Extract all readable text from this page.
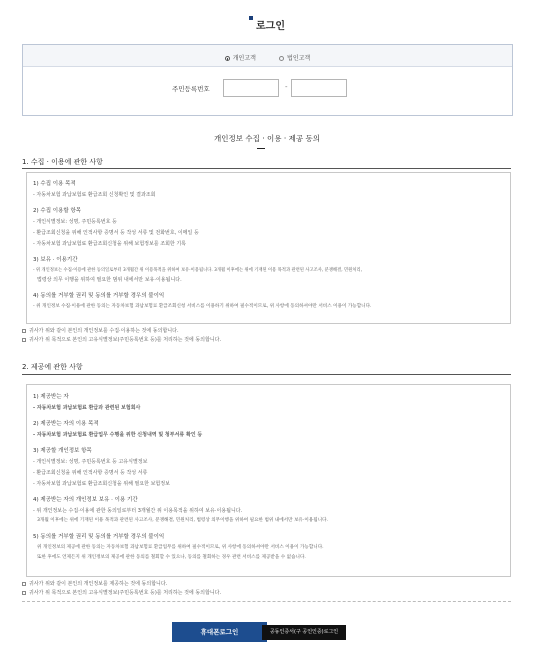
로그인
개인고객	법인고객
주민등록번호	-
개인정보 수집 · 이용 · 제공 동의
1. 수집 · 이용에 관한 사항
1) 수집 이용 목적
- 자동차보험 과납보험료 환급조회 신청확인 및 결과조회
2) 수집 이용할 항목
- 개인식별정보: 성명, 주민등록번호 등
- 환급조회신청을 위해 인적사항 증명서 등 작성 서류 및 전화번호, 이메일 등
- 자동차보험 과납보험료 환급조회신청을 위해 보험정보를 조회한 기록
3) 보유 · 이용기간
- 위 개인정보는 수집·이용에 관한 동의일로부터 3개월간 위 이용목적을 위하여 보유·이용됩니다. 3개월 이후에는 위에 기재된 이용 목적과 관련된 사고조사, 분쟁해결, 민원처리,
법령상 의무 이행을 위하여 필요한 범위 내에서만 보유·이용됩니다.
4) 동의를 거부할 권리 및 동의를 거부할 경우의 불이익
- 위 개인정보 수집·이용에 관한 동의는 자동차보험 과납보험료 환급조회신청 서비스를 이용하기 위하여 필수적이므로, 위 사항에 동의하셔야만 서비스 이용이 가능합니다.
귀사가 위와 같이 본인의 개인정보를 수집·이용하는 것에 동의합니다.
귀사가 위 목적으로 본인의 고유식별정보(주민등록번호 등)를 처리하는 것에 동의합니다.
2. 제공에 관한 사항
1) 제공받는 자
- 자동차보험 과납보험료 환급과 관련된 보험회사
2) 제공받는 자의 이용 목적
- 자동차보험 과납보험료 환급업무 수행을 위한 신청내역 및 청부서류 확인 등
3) 제공할 개인정보 항목
- 개인식별정보: 성명, 주민등록번호 등 고유식별정보
- 환급조회신청을 위해 인적사항 증명서 등 작성 서류
- 자동차보험 과납보험료 환급조회신청을 위해 필요한 보험정보
4) 제공받는 자의 개인정보 보유 · 이용 기간
- 위 개인정보는 수집·이용에 관한 동의일로부터 3개월간 위 이용목적을 위하여 보유·이용됩니다.
3개월 이후에는 위에 기재된 이용 목적과 관련된 사고조사, 분쟁해결, 민원처리, 법령상 의무이행을 위하여 필요한 범위 내에서만 보유·이용됩니다.
5) 동의를 거부할 권리 및 동의를 거부할 경우의 불이익
위 개인정보의 제공에 관한 동의는 자동차보험 과납보험료 환급업무를 위하여 필수적이므로, 위 사항에 동의하셔야만 서비스 이용이 가능합니다.
또한 후에도 언제든지 위 개인정보의 제공에 관한 동의를 철회할 수 있으나, 동의를 철회하는 경우 관련 서비스를 제공받을 수 없습니다.
귀사가 위와 같이 본인의 개인정보를 제공하는 것에 동의합니다.
귀사가 위 목적으로 본인의 고유식별정보(주민등록번호 등)를 처리하는 것에 동의합니다.
휴대폰로그인	공동인증서(구 공인인증)로그인
